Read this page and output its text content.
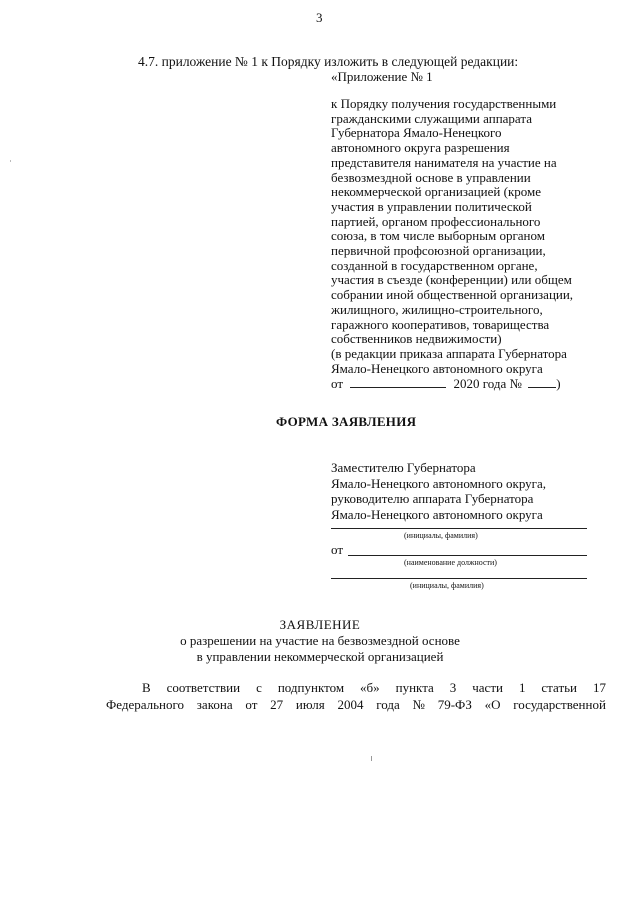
3
4.7. приложение № 1 к Порядку изложить в следующей редакции:
«Приложение № 1
к Порядку получения государственными
гражданскими служащими аппарата
Губернатора Ямало-Ненецкого
автономного округа разрешения
представителя нанимателя на участие на
безвозмездной основе в управлении
некоммерческой организацией (кроме
участия в управлении политической
партией, органом профессионального
союза, в том числе выборным органом
первичной профсоюзной организации,
созданной в государственном органе,
участия в съезде (конференции) или общем
собрании иной общественной организации,
жилищного, жилищно-строительного,
гаражного кооперативов, товарищества
собственников недвижимости)
(в редакции приказа аппарата Губернатора
Ямало-Ненецкого автономного округа
от	2020 года №	)
ФОРМА ЗАЯВЛЕНИЯ
Заместителю Губернатора
Ямало-Ненецкого автономного округа,
руководителю аппарата Губернатора
Ямало-Ненецкого автономного округа
(инициалы, фамилия)
от
(наименование должности)
(инициалы, фамилия)
ЗАЯВЛЕНИЕ
о разрешении на участие на безвозмездной основе
в управлении некоммерческой организацией
В соответствии с подпунктом «б» пункта 3 части 1 статьи 17
Федерального закона от 27 июля 2004 года № 79-ФЗ «О государственной
